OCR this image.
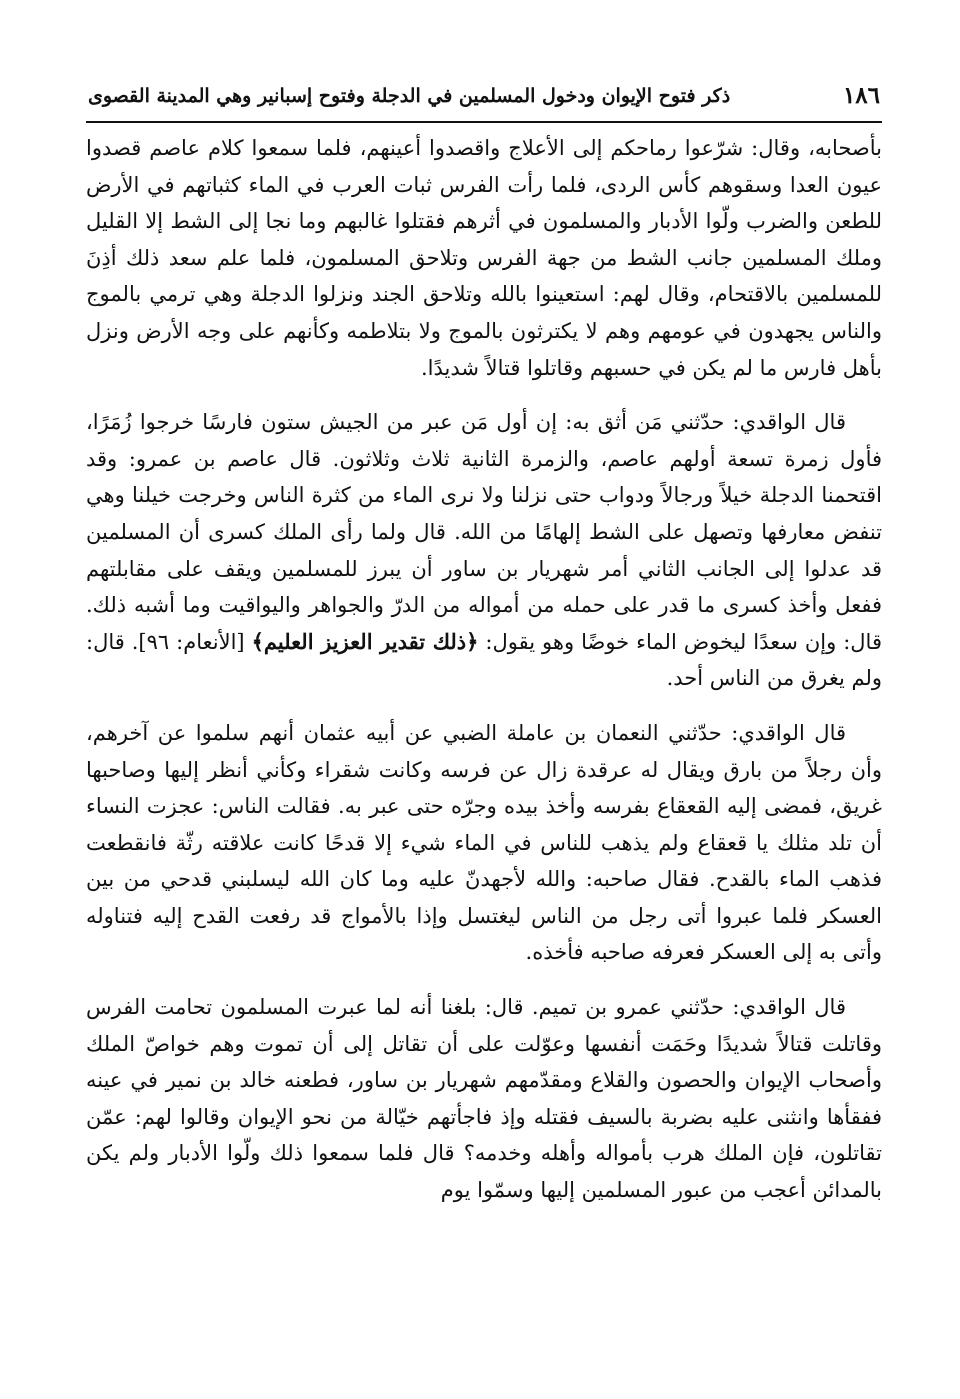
١٨٦
ذكر فتوح الإيوان ودخول المسلمين في الدجلة وفتوح إسبانير وهي المدينة القصوى

بأصحابه، وقال: شرّعوا رماحكم إلى الأعلاج واقصدوا أعينهم، فلما سمعوا كلام عاصم قصدوا عيون العدا وسقوهم كأس الردى، فلما رأت الفرس ثبات العرب في الماء كثباتهم في الأرض للطعن والضرب ولّوا الأدبار والمسلمون في أثرهم فقتلوا غالبهم وما نجا إلى الشط إلا القليل وملك المسلمين جانب الشط من جهة الفرس وتلاحق المسلمون، فلما علم سعد ذلك أذِنَ للمسلمين بالاقتحام، وقال لهم: استعينوا بالله وتلاحق الجند ونزلوا الدجلة وهي ترمي بالموج والناس يجهدون في عومهم وهم لا يكترثون بالموج ولا بتلاطمه وكأنهم على وجه الأرض ونزل بأهل فارس ما لم يكن في حسبهم وقاتلوا قتالاً شديدًا.

قال الواقدي: حدّثني مَن أثق به: إن أول مَن عبر من الجيش ستون فارسًا خرجوا زُمَرًا، فأول زمرة تسعة أولهم عاصم، والزمرة الثانية ثلاث وثلاثون. قال عاصم بن عمرو: وقد اقتحمنا الدجلة خيلاً ورجالاً ودواب حتى نزلنا ولا نرى الماء من كثرة الناس وخرجت خيلنا وهي تنفض معارفها وتصهل على الشط إلهامًا من الله. قال ولما رأى الملك كسرى أن المسلمين قد عدلوا إلى الجانب الثاني أمر شهريار بن ساور أن يبرز للمسلمين ويقف على مقابلتهم ففعل وأخذ كسرى ما قدر على حمله من أمواله من الدرّ والجواهر واليواقيت وما أشبه ذلك. قال: وإن سعدًا ليخوض الماء خوضًا وهو يقول: ﴿ذلك تقدير العزيز العليم﴾ [الأنعام: ٩٦]. قال: ولم يغرق من الناس أحد.

قال الواقدي: حدّثني النعمان بن عاملة الضبي عن أبيه عثمان أنهم سلموا عن آخرهم، وأن رجلاً من بارق ويقال له عرقدة زال عن فرسه وكانت شقراء وكأني أنظر إليها وصاحبها غريق، فمضى إليه القعقاع بفرسه وأخذ بيده وجرّه حتى عبر به. فقالت الناس: عجزت النساء أن تلد مثلك يا قعقاع ولم يذهب للناس في الماء شيء إلا قدحًا كانت علاقته رثّة فانقطعت فذهب الماء بالقدح. فقال صاحبه: والله لأجهدنّ عليه وما كان الله ليسلبني قدحي من بين العسكر فلما عبروا أتى رجل من الناس ليغتسل وإذا بالأمواج قد رفعت القدح إليه فتناوله وأتى به إلى العسكر فعرفه صاحبه فأخذه.

قال الواقدي: حدّثني عمرو بن تميم. قال: بلغنا أنه لما عبرت المسلمون تحامت الفرس وقاتلت قتالاً شديدًا وحَمَت أنفسها وعوّلت على أن تقاتل إلى أن تموت وهم خواصّ الملك وأصحاب الإيوان والحصون والقلاع ومقدّمهم شهريار بن ساور، فطعنه خالد بن نمير في عينه ففقأها وانثنى عليه بضربة بالسيف فقتله وإذ فاجأتهم خيّالة من نحو الإيوان وقالوا لهم: عمّن تقاتلون، فإن الملك هرب بأمواله وأهله وخدمه؟ قال فلما سمعوا ذلك ولّوا الأدبار ولم يكن بالمدائن أعجب من عبور المسلمين إليها وسمّوا يوم
